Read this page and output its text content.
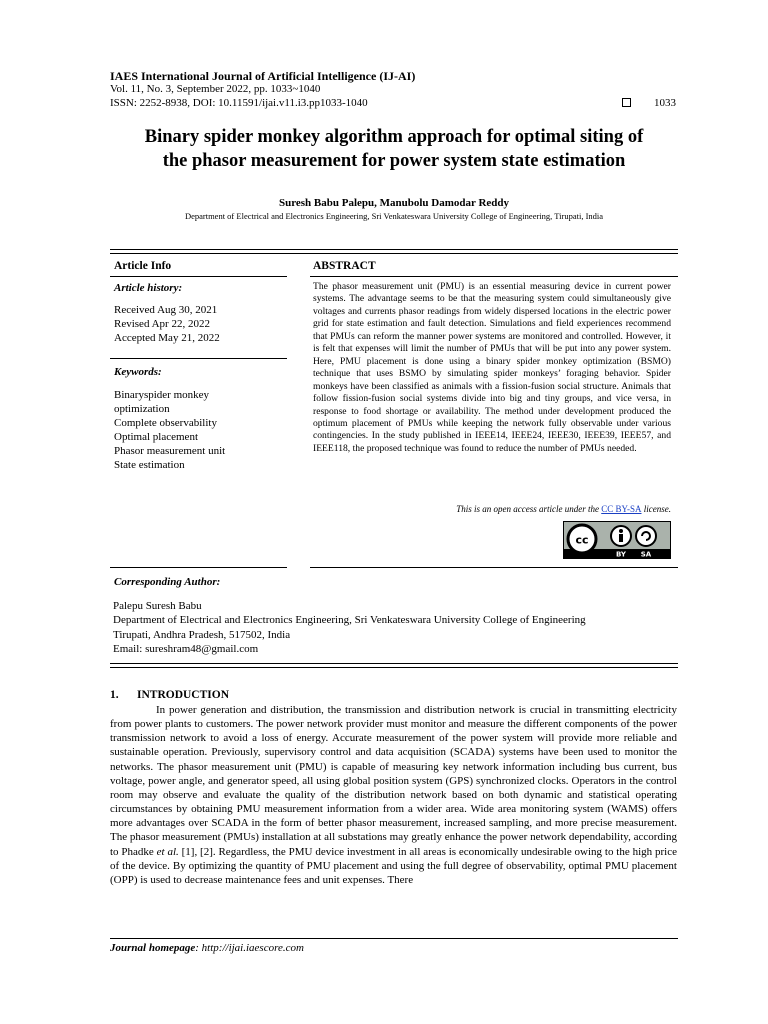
IAES International Journal of Artificial Intelligence (IJ-AI)
Vol. 11, No. 3, September 2022, pp. 1033~1040
ISSN: 2252-8938, DOI: 10.11591/ijai.v11.i3.pp1033-1040	1033
Binary spider monkey algorithm approach for optimal siting of
the phasor measurement for power system state estimation
Suresh Babu Palepu, Manubolu Damodar Reddy
Department of Electrical and Electronics Engineering, Sri Venkateswara University College of Engineering, Tirupati, India
Article Info
Article history:
Received Aug 30, 2021
Revised Apr 22, 2022
Accepted May 21, 2022
Keywords:
Binaryspider monkey
optimization
Complete observability
Optimal placement
Phasor measurement unit
State estimation
ABSTRACT
The phasor measurement unit (PMU) is an essential measuring device in current power systems. The advantage seems to be that the measuring system could simultaneously give voltages and currents phasor readings from widely dispersed locations in the electric power grid for state estimation and fault detection. Simulations and field experiences recommend that PMUs can reform the manner power systems are monitored and controlled. However, it is felt that expenses will limit the number of PMUs that will be put into any power system. Here, PMU placement is done using a binary spider monkey optimization (BSMO) technique that uses BSMO by simulating spider monkeys’ foraging behavior. Spider monkeys have been classified as animals with a fission-fusion social structure. Animals that follow fission-fusion social systems divide into big and tiny groups, and vice versa, in response to food shortage or availability. The method under development produced the optimum placement of PMUs while keeping the network fully observable under various contingencies. In the study published in IEEE14, IEEE24, IEEE30, IEEE39, IEEE57, and IEEE118, the proposed technique was found to reduce the number of PMUs needed.
This is an open access article under the CC BY-SA license.
cc
BY SA
Corresponding Author:
Palepu Suresh Babu
Department of Electrical and Electronics Engineering, Sri Venkateswara University College of Engineering
Tirupati, Andhra Pradesh, 517502, India
Email: sureshram48@gmail.com
1. INTRODUCTION
In power generation and distribution, the transmission and distribution network is crucial in transmitting electricity from power plants to customers. The power network provider must monitor and measure the different components of the power transmission network to avoid a loss of energy. Accurate measurement of the power system will provide more reliable and sustainable operation. Previously, supervisory control and data acquisition (SCADA) systems have been used to monitor the networks. The phasor measurement unit (PMU) is capable of measuring key network information including bus current, bus voltage, power angle, and generator speed, all using global position system (GPS) synchronized clocks. Operators in the control room may observe and evaluate the quality of the distribution network based on both dynamic and statistical operating circumstances by obtaining PMU measurement information from a wider area. Wide area monitoring system (WAMS) offers more advantages over SCADA in the form of better phasor measurement, increased sampling, and more precise measurement. The phasor measurement (PMUs) installation at all substations may greatly enhance the power network dependability, according to Phadke et al. [1], [2]. Regardless, the PMU device investment in all areas is economically undesirable owing to the high price of the device. By optimizing the quantity of PMU placement and using the full degree of observability, optimal PMU placement (OPP) is used to decrease maintenance fees and unit expenses. There
Journal homepage: http://ijai.iaescore.com
